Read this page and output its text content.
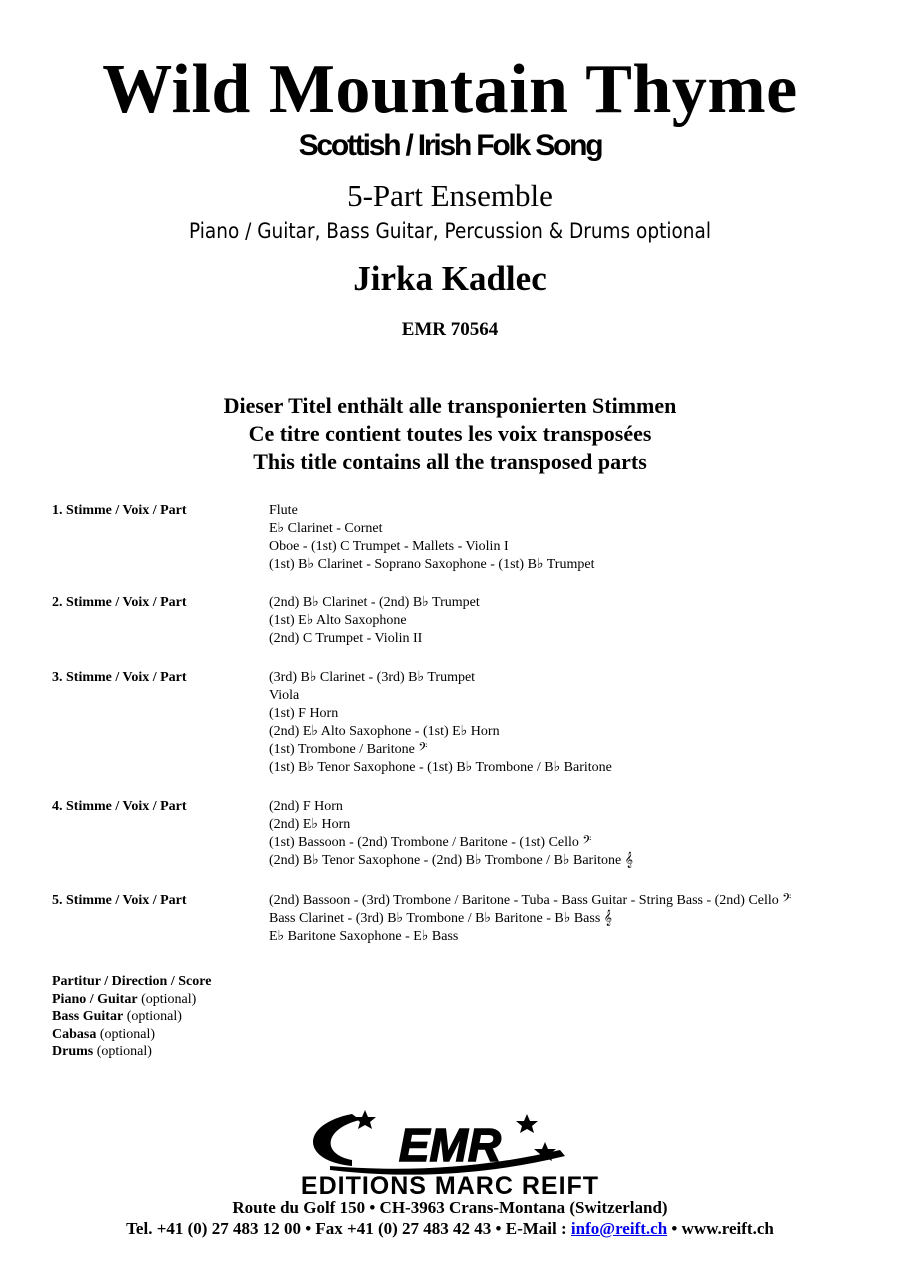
Wild Mountain Thyme
Scottish / Irish Folk Song
5-Part Ensemble
Piano / Guitar, Bass Guitar, Percussion & Drums optional
Jirka Kadlec
EMR 70564
Dieser Titel enthält alle transponierten Stimmen
Ce titre contient toutes les voix transposées
This title contains all the transposed parts
1. Stimme / Voix / Part	Flute
E♭ Clarinet - Cornet
Oboe - (1st) C Trumpet - Mallets - Violin I
(1st) B♭ Clarinet - Soprano Saxophone - (1st) B♭ Trumpet
2. Stimme / Voix / Part	(2nd) B♭ Clarinet - (2nd) B♭ Trumpet
(1st) E♭ Alto Saxophone
(2nd) C Trumpet - Violin II
3. Stimme / Voix / Part	(3rd) B♭ Clarinet - (3rd) B♭ Trumpet
Viola
(1st) F Horn
(2nd) E♭ Alto Saxophone - (1st) E♭ Horn
(1st) Trombone / Baritone 𝄢
(1st) B♭ Tenor Saxophone - (1st) B♭ Trombone / B♭ Baritone
4. Stimme / Voix / Part	(2nd) F Horn
(2nd) E♭ Horn
(1st) Bassoon - (2nd) Trombone / Baritone - (1st) Cello 𝄢
(2nd) B♭ Tenor Saxophone - (2nd) B♭ Trombone / B♭ Baritone 𝄞
5. Stimme / Voix / Part	(2nd) Bassoon - (3rd) Trombone / Baritone - Tuba - Bass Guitar - String Bass - (2nd) Cello 𝄢
Bass Clarinet - (3rd) B♭ Trombone / B♭ Baritone - B♭ Bass 𝄞
E♭ Baritone Saxophone - E♭ Bass
Partitur / Direction / Score
Piano / Guitar (optional)
Bass Guitar (optional)
Cabasa (optional)
Drums (optional)
EMR
EDITIONS MARC REIFT
Route du Golf 150 • CH-3963 Crans-Montana (Switzerland)
Tel. +41 (0) 27 483 12 00 • Fax +41 (0) 27 483 42 43 • E-Mail : info@reift.ch • www.reift.ch
